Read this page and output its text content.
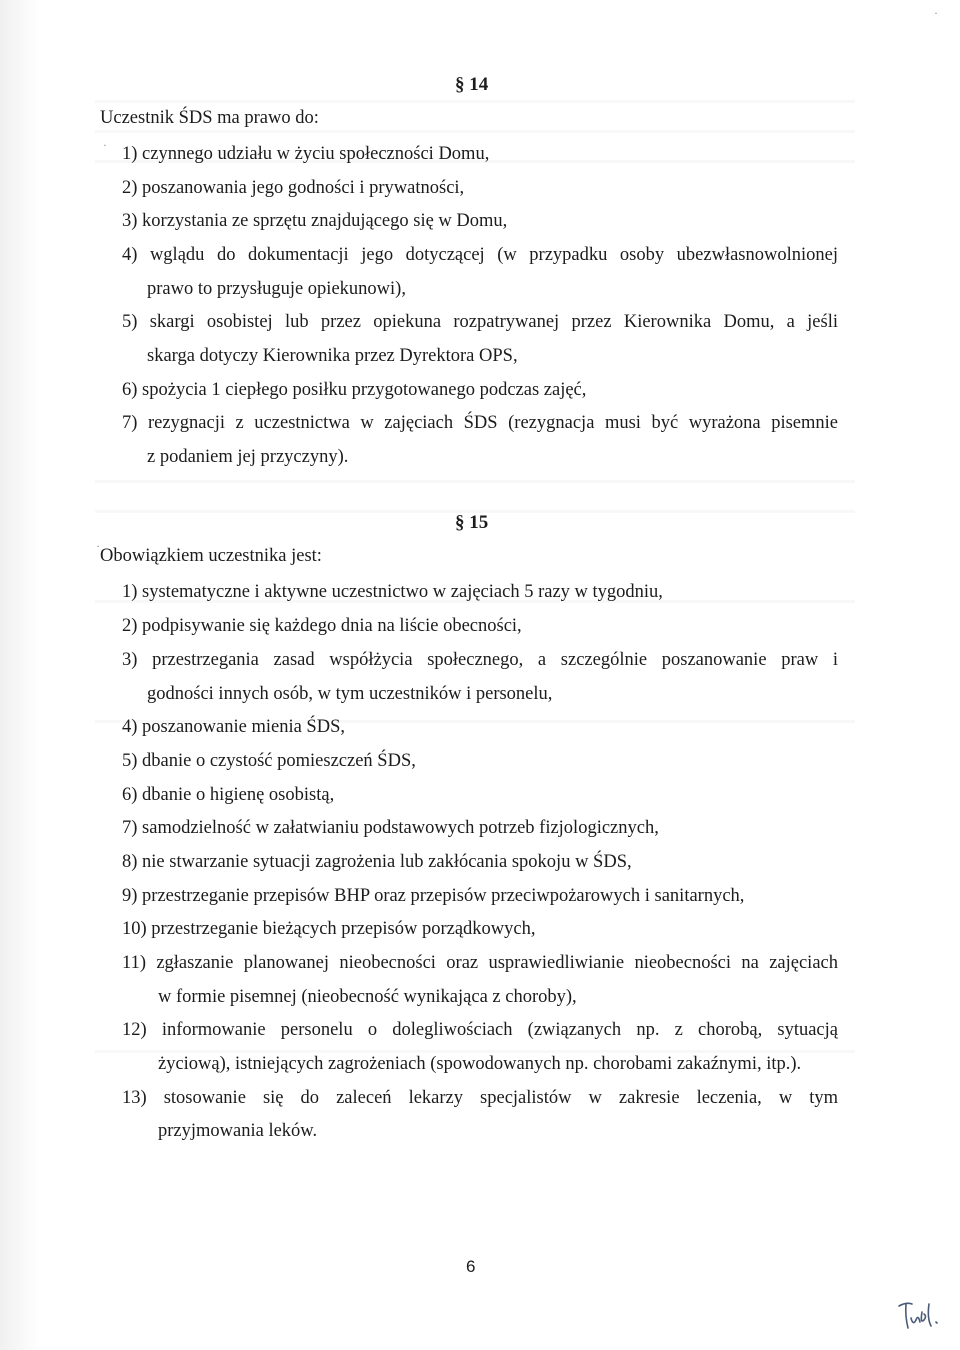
§ 14
Uczestnik ŚDS ma prawo do:
1) czynnego udziału w życiu społeczności Domu,
2) poszanowania jego godności i prywatności,
3) korzystania ze sprzętu znajdującego się w Domu,
4) wglądu do dokumentacji jego dotyczącej (w przypadku osoby ubezwłasnowolnionej
prawo to przysługuje opiekunowi),
5) skargi osobistej lub przez opiekuna rozpatrywanej przez Kierownika Domu, a jeśli
skarga dotyczy Kierownika przez Dyrektora OPS,
6) spożycia 1 ciepłego posiłku przygotowanego podczas zajęć,
7) rezygnacji z uczestnictwa w zajęciach ŚDS (rezygnacja musi być wyrażona pisemnie
z podaniem jej przyczyny).
§ 15
Obowiązkiem uczestnika jest:
1) systematyczne i aktywne uczestnictwo w zajęciach 5 razy w tygodniu,
2) podpisywanie się każdego dnia na liście obecności,
3) przestrzegania zasad współżycia społecznego, a szczególnie poszanowanie praw i
godności innych osób, w tym uczestników i personelu,
4) poszanowanie mienia ŚDS,
5) dbanie o czystość pomieszczeń ŚDS,
6) dbanie o higienę osobistą,
7) samodzielność w załatwianiu podstawowych potrzeb fizjologicznych,
8) nie stwarzanie sytuacji zagrożenia lub zakłócania spokoju w ŚDS,
9) przestrzeganie przepisów BHP oraz przepisów przeciwpożarowych i sanitarnych,
10) przestrzeganie bieżących przepisów porządkowych,
11) zgłaszanie planowanej nieobecności oraz usprawiedliwianie nieobecności na zajęciach
w formie pisemnej (nieobecność wynikająca z choroby),
12) informowanie personelu o dolegliwościach (związanych np. z chorobą, sytuacją
życiową), istniejących zagrożeniach (spowodowanych np. chorobami zakaźnymi, itp.).
13) stosowanie się do zaleceń lekarzy specjalistów w zakresie leczenia, w tym
przyjmowania leków.
6
·
·
·
